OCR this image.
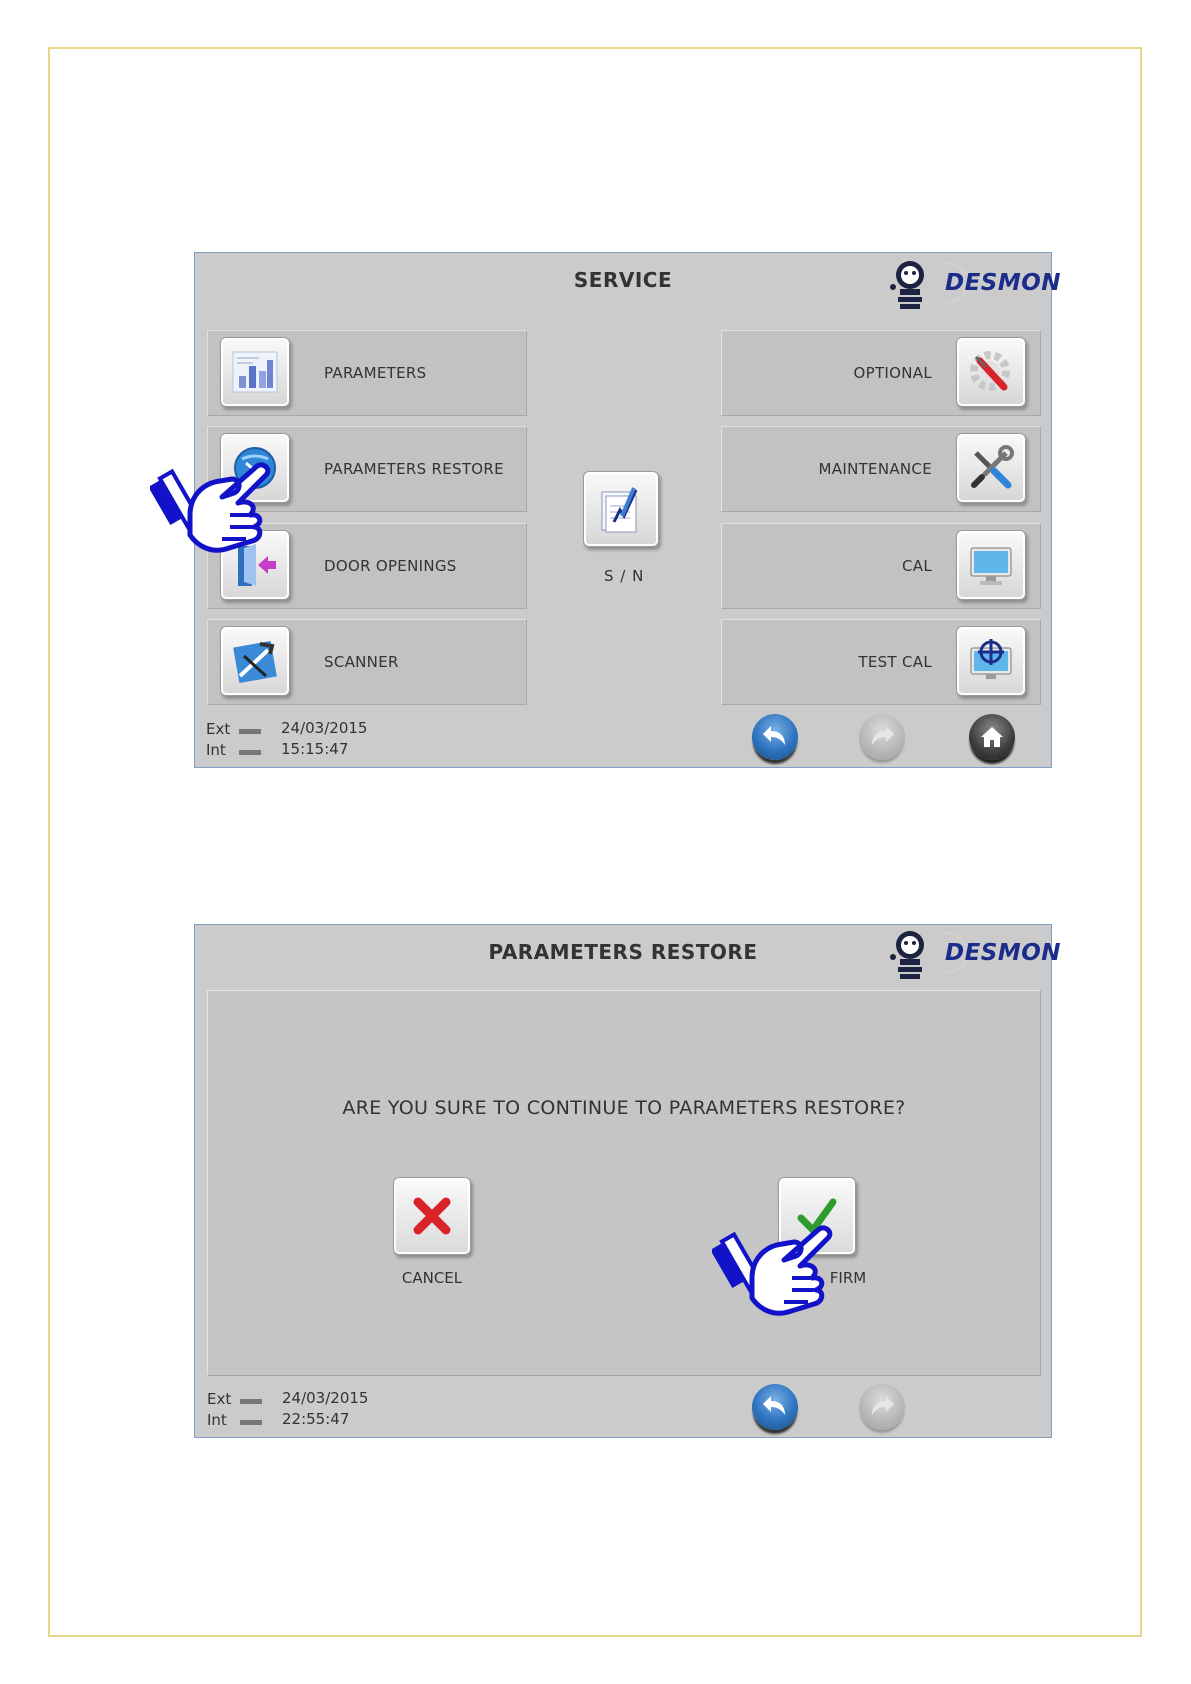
SERVICE	DESMON
PARAMETERS
PARAMETERS RESTORE
DOOR OPENINGS
SCANNER
S / N
OPTIONAL
MAINTENANCE
CAL
TEST CAL
Ext	24/03/2015
Int	15:15:47
PARAMETERS RESTORE	DESMON
ARE YOU SURE TO CONTINUE TO PARAMETERS RESTORE?
CANCEL	FIRM
Ext	24/03/2015
Int	22:55:47
